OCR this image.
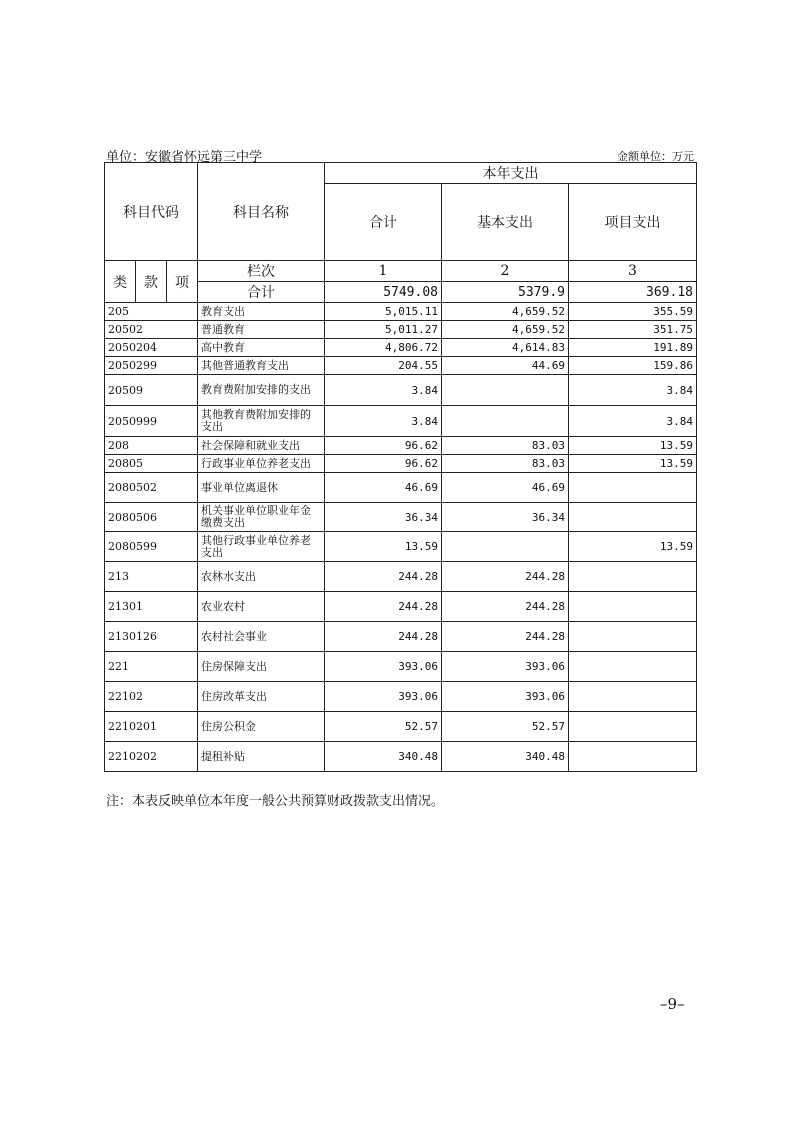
单位：安徽省怀远第三中学	金额单位：万元
科目代码			科目名称	本年支出		
				合计	基本支出	项目支出
类	款	项	栏次	1	2	3
			合计	5749.08	5379.9	369.18
205			教育支出	5,015.11	4,659.52	355.59
20502			普通教育	5,011.27	4,659.52	351.75
2050204			高中教育	4,806.72	4,614.83	191.89
2050299			其他普通教育支出	204.55	44.69	159.86
20509			教育费附加安排的支出	3.84		3.84
2050999			其他教育费附加安排的支出	3.84		3.84
208			社会保障和就业支出	96.62	83.03	13.59
20805			行政事业单位养老支出	96.62	83.03	13.59
2080502			事业单位离退休	46.69	46.69	
2080506			机关事业单位职业年金缴费支出	36.34	36.34	
2080599			其他行政事业单位养老支出	13.59		13.59
213			农林水支出	244.28	244.28	
21301			农业农村	244.28	244.28	
2130126			农村社会事业	244.28	244.28	
221			住房保障支出	393.06	393.06	
22102			住房改革支出	393.06	393.06	
2210201			住房公积金	52.57	52.57	
2210202			提租补贴	340.48	340.48	
注：本表反映单位本年度一般公共预算财政拨款支出情况。
–9–
